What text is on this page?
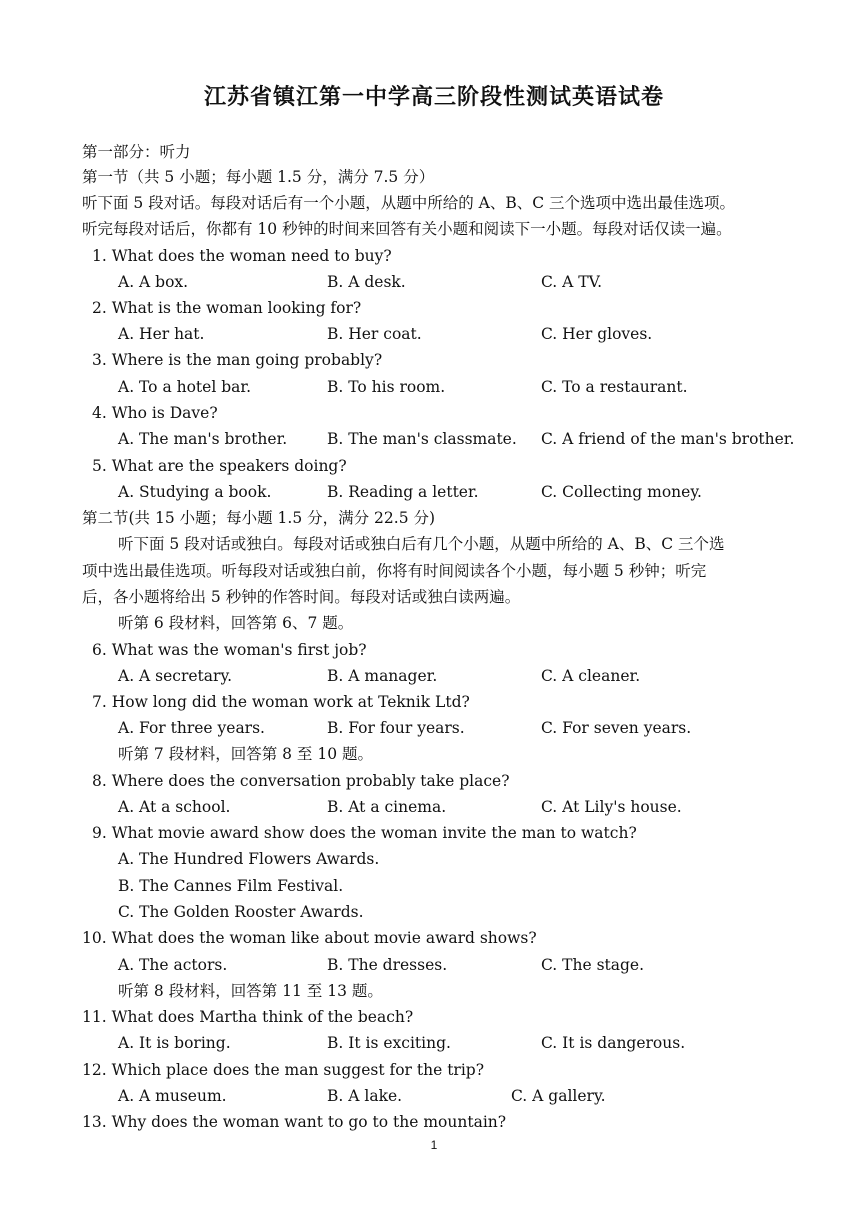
江苏省镇江第一中学高三阶段性测试英语试卷
第一部分：听力
第一节（共 5 小题；每小题 1.5 分，满分 7.5 分）
听下面 5 段对话。每段对话后有一个小题，从题中所给的 A、B、C 三个选项中选出最佳选项。
听完每段对话后，你都有 10 秒钟的时间来回答有关小题和阅读下一小题。每段对话仅读一遍。
1. What does the woman need to buy?
A. A box.	B. A desk.	C. A TV.
2. What is the woman looking for?
A. Her hat.	B. Her coat.	C. Her gloves.
3. Where is the man going probably?
A. To a hotel bar.	B. To his room.	C. To a restaurant.
4. Who is Dave?
A. The man's brother.	B. The man's classmate. C. A friend of the man's brother.
5. What are the speakers doing?
A. Studying a book.	B. Reading a letter.	C. Collecting money.
第二节(共 15 小题；每小题 1.5 分，满分 22.5 分)
听下面 5 段对话或独白。每段对话或独白后有几个小题，从题中所给的 A、B、C 三个选
项中选出最佳选项。听每段对话或独白前，你将有时间阅读各个小题，每小题 5 秒钟；听完
后，各小题将给出 5 秒钟的作答时间。每段对话或独白读两遍。
听第 6 段材料，回答第 6、7 题。
6. What was the woman's first job?
A. A secretary.	B. A manager.	C. A cleaner.
7. How long did the woman work at Teknik Ltd?
A. For three years.	B. For four years.	C. For seven years.
听第 7 段材料，回答第 8 至 10 题。
8. Where does the conversation probably take place?
A. At a school.	B. At a cinema.	C. At Lily's house.
9. What movie award show does the woman invite the man to watch?
A. The Hundred Flowers Awards.
B. The Cannes Film Festival.
C. The Golden Rooster Awards.
10. What does the woman like about movie award shows?
A. The actors.	B. The dresses.	C. The stage.
听第 8 段材料，回答第 11 至 13 题。
11. What does Martha think of the beach?
A. It is boring.	B. It is exciting.	C. It is dangerous.
12. Which place does the man suggest for the trip?
A. A museum.	B. A lake.	C. A gallery.
13. Why does the woman want to go to the mountain?
1
